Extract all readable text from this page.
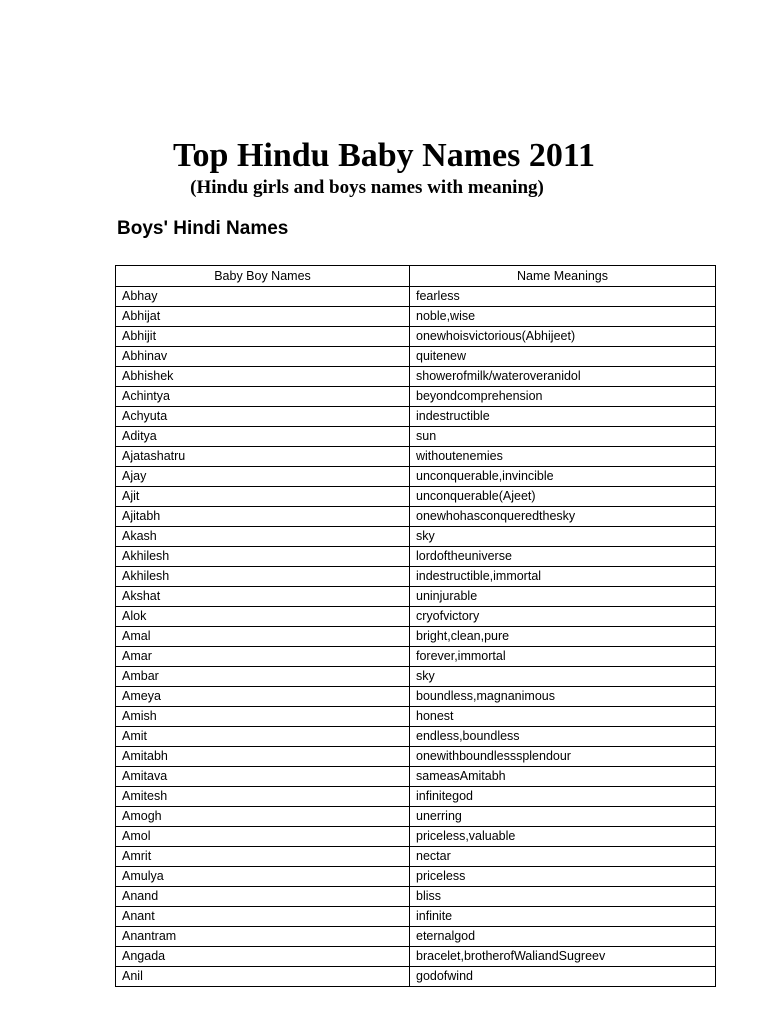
Top Hindu Baby Names 2011
(Hindu girls and boys names with meaning)
Boys' Hindi Names
Baby Boy Names	Name Meanings
Abhay	fearless
Abhijat	noble,wise
Abhijit	onewhoisvictorious(Abhijeet)
Abhinav	quitenew
Abhishek	showerofmilk/wateroveranidol
Achintya	beyondcomprehension
Achyuta	indestructible
Aditya	sun
Ajatashatru	withoutenemies
Ajay	unconquerable,invincible
Ajit	unconquerable(Ajeet)
Ajitabh	onewhohasconqueredthesky
Akash	sky
Akhilesh	lordoftheuniverse
Akhilesh	indestructible,immortal
Akshat	uninjurable
Alok	cryofvictory
Amal	bright,clean,pure
Amar	forever,immortal
Ambar	sky
Ameya	boundless,magnanimous
Amish	honest
Amit	endless,boundless
Amitabh	onewithboundlesssplendour
Amitava	sameasAmitabh
Amitesh	infinitegod
Amogh	unerring
Amol	priceless,valuable
Amrit	nectar
Amulya	priceless
Anand	bliss
Anant	infinite
Anantram	eternalgod
Angada	bracelet,brotherofWaliandSugreev
Anil	godofwind
